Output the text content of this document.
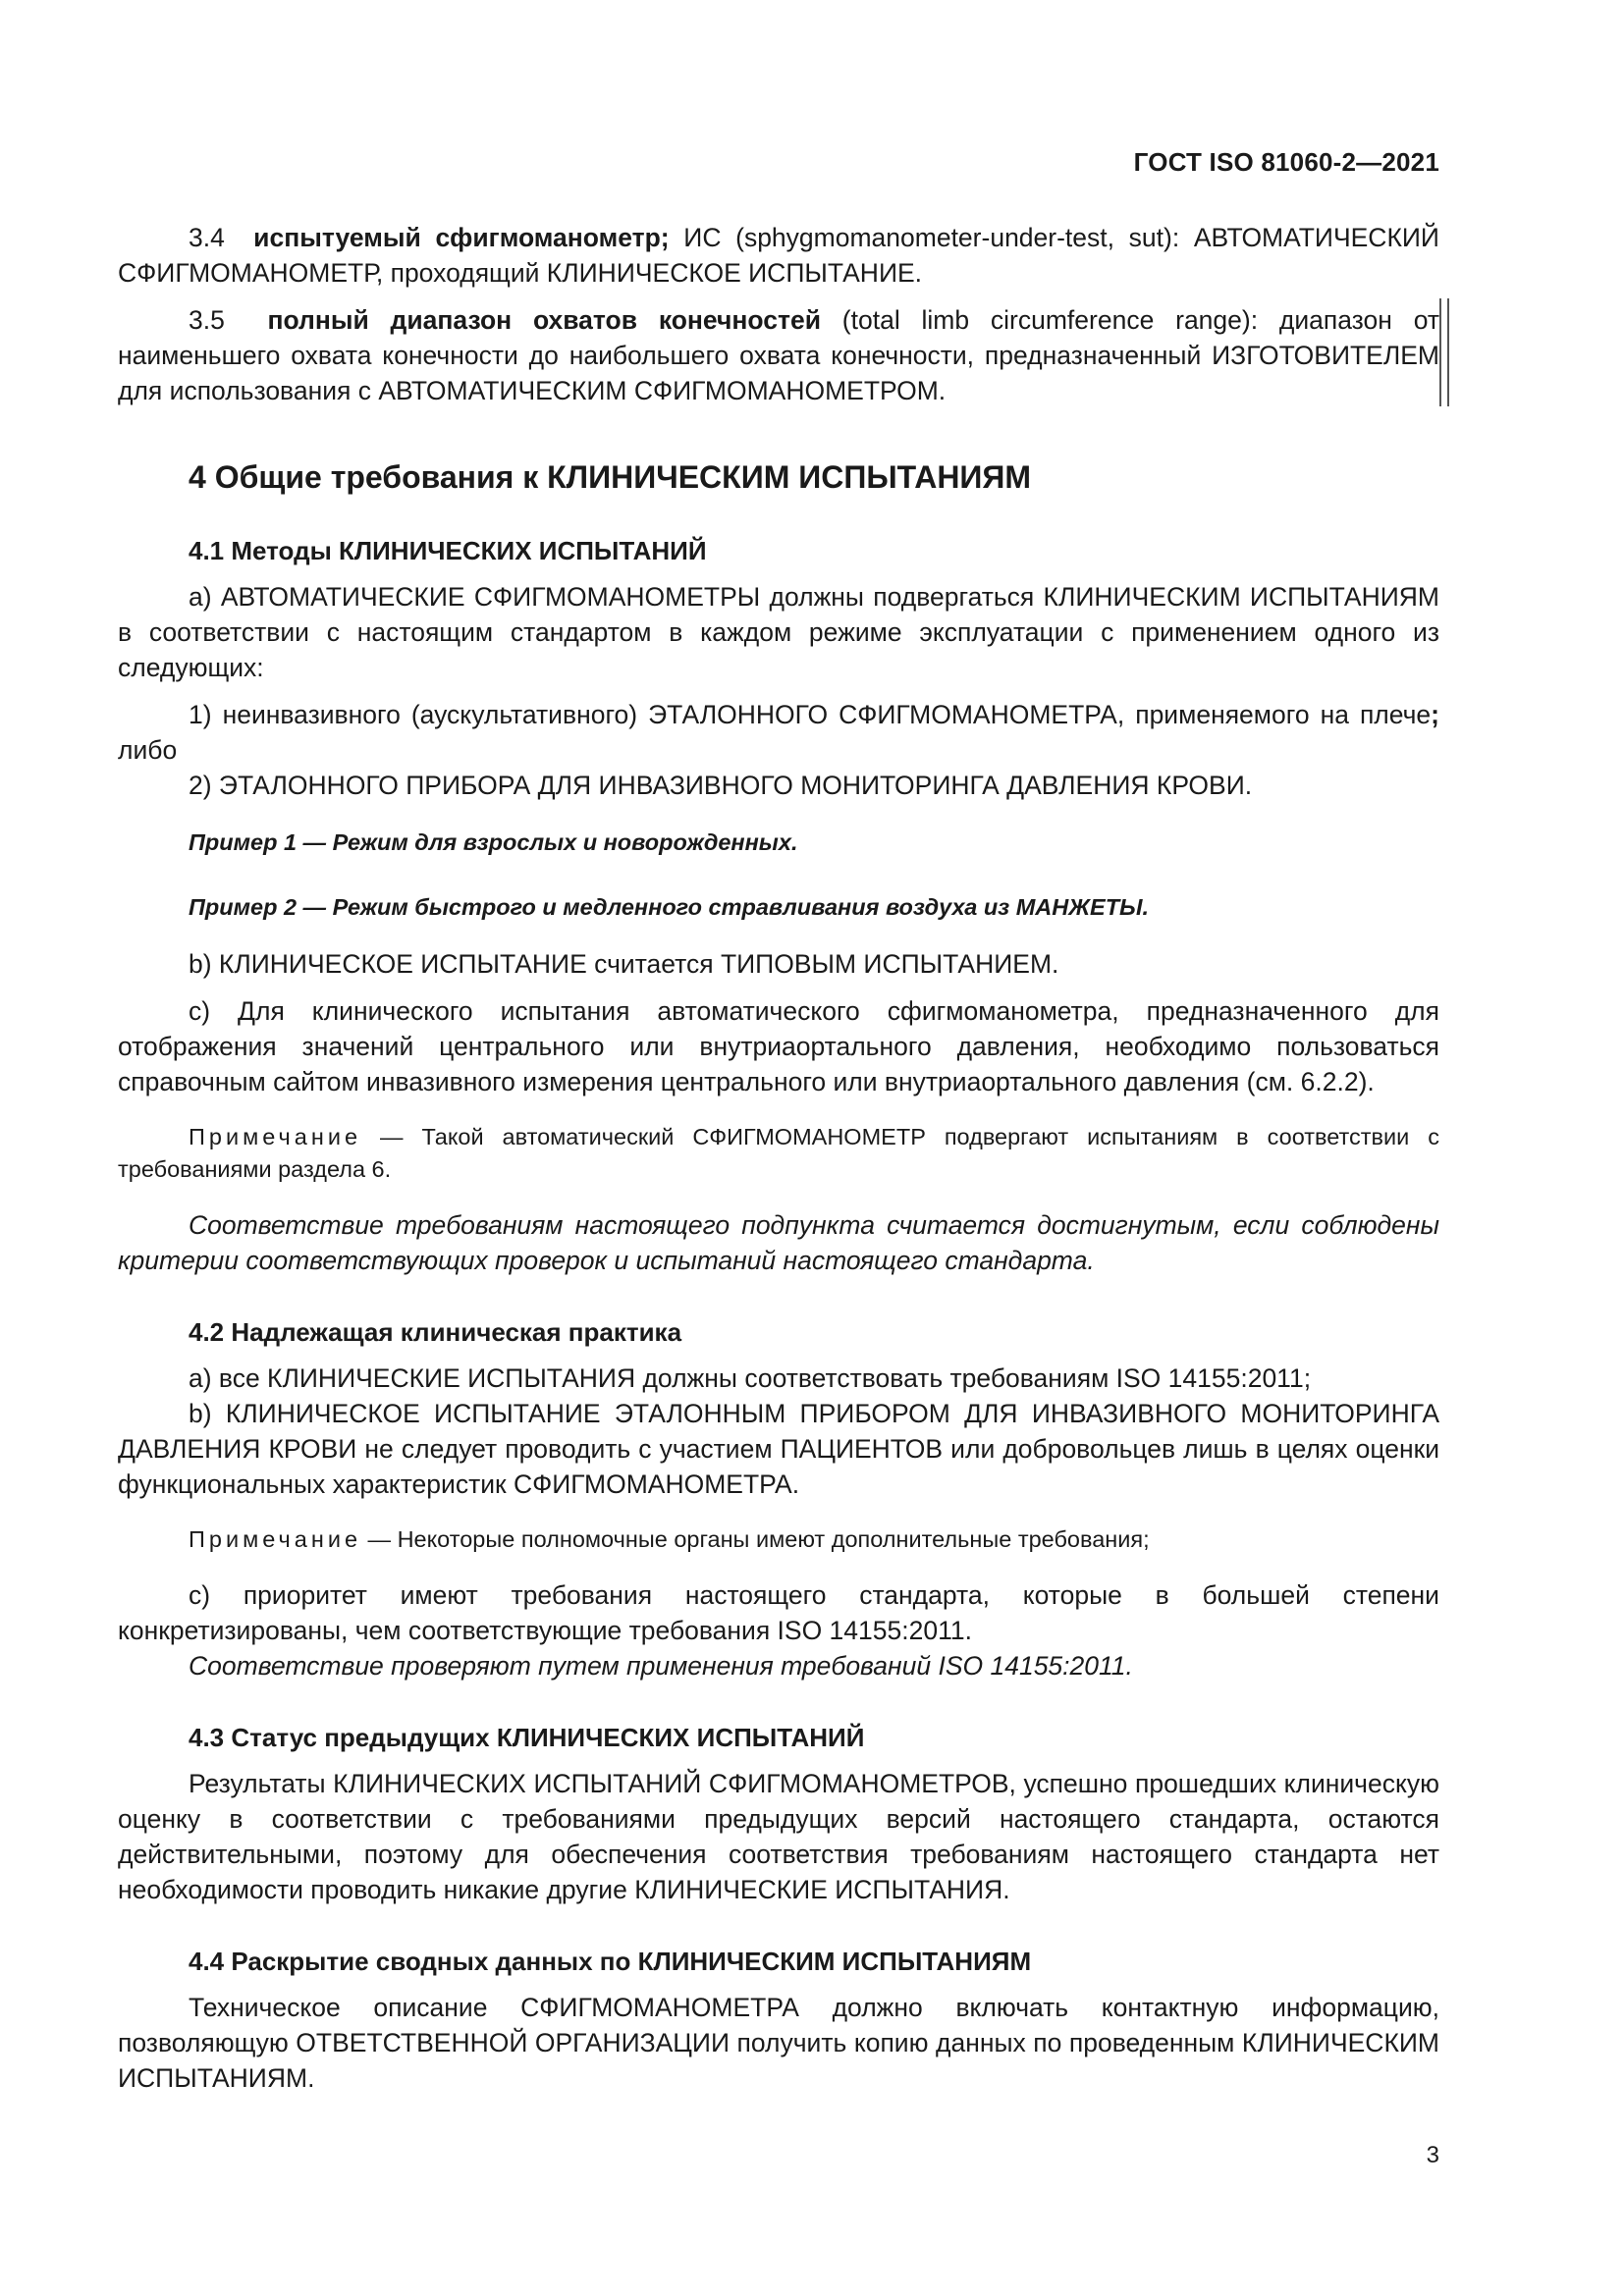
ГОСТ ISO 81060-2—2021

3.4 испытуемый сфигмоманометр; ИС (sphygmomanometer-under-test, sut): АВТОМАТИЧЕСКИЙ СФИГМОМАНОМЕТР, проходящий КЛИНИЧЕСКОЕ ИСПЫТАНИЕ.

3.5 полный диапазон охватов конечностей (total limb circumference range): диапазон от наименьшего охвата конечности до наибольшего охвата конечности, предназначенный ИЗГОТОВИТЕЛЕМ для использования с АВТОМАТИЧЕСКИМ СФИГМОМАНОМЕТРОМ.

4 Общие требования к КЛИНИЧЕСКИМ ИСПЫТАНИЯМ
4.1 Методы КЛИНИЧЕСКИХ ИСПЫТАНИЙ

а) АВТОМАТИЧЕСКИЕ СФИГМОМАНОМЕТРЫ должны подвергаться КЛИНИЧЕСКИМ ИСПЫТАНИЯМ в соответствии с настоящим стандартом в каждом режиме эксплуатации с применением одного из следующих:

1) неинвазивного (аускультативного) ЭТАЛОННОГО СФИГМОМАНОМЕТРА, применяемого на плече; либо

2) ЭТАЛОННОГО ПРИБОРА ДЛЯ ИНВАЗИВНОГО МОНИТОРИНГА ДАВЛЕНИЯ КРОВИ.

Пример 1 — Режим для взрослых и новорожденных.

Пример 2 — Режим быстрого и медленного стравливания воздуха из МАНЖЕТЫ.

b) КЛИНИЧЕСКОЕ ИСПЫТАНИЕ считается ТИПОВЫМ ИСПЫТАНИЕМ.

c) Для клинического испытания автоматического сфигмоманометра, предназначенного для отображения значений центрального или внутриаортального давления, необходимо пользоваться справочным сайтом инвазивного измерения центрального или внутриаортального давления (см. 6.2.2).

Примечание — Такой автоматический СФИГМОМАНОМЕТР подвергают испытаниям в соответствии с требованиями раздела 6.

Соответствие требованиям настоящего подпункта считается достигнутым, если соблюдены критерии соответствующих проверок и испытаний настоящего стандарта.

4.2 Надлежащая клиническая практика

а) все КЛИНИЧЕСКИЕ ИСПЫТАНИЯ должны соответствовать требованиям ISO 14155:2011;

b) КЛИНИЧЕСКОЕ ИСПЫТАНИЕ ЭТАЛОННЫМ ПРИБОРОМ ДЛЯ ИНВАЗИВНОГО МОНИТОРИНГА ДАВЛЕНИЯ КРОВИ не следует проводить с участием ПАЦИЕНТОВ или добровольцев лишь в целях оценки функциональных характеристик СФИГМОМАНОМЕТРА.

Примечание — Некоторые полномочные органы имеют дополнительные требования;

c) приоритет имеют требования настоящего стандарта, которые в большей степени конкретизированы, чем соответствующие требования ISO 14155:2011.

Соответствие проверяют путем применения требований ISO 14155:2011.

4.3 Статус предыдущих КЛИНИЧЕСКИХ ИСПЫТАНИЙ

Результаты КЛИНИЧЕСКИХ ИСПЫТАНИЙ СФИГМОМАНОМЕТРОВ, успешно прошедших клиническую оценку в соответствии с требованиями предыдущих версий настоящего стандарта, остаются действительными, поэтому для обеспечения соответствия требованиям настоящего стандарта нет необходимости проводить никакие другие КЛИНИЧЕСКИЕ ИСПЫТАНИЯ.

4.4 Раскрытие сводных данных по КЛИНИЧЕСКИМ ИСПЫТАНИЯМ

Техническое описание СФИГМОМАНОМЕТРА должно включать контактную информацию, позволяющую ОТВЕТСТВЕННОЙ ОРГАНИЗАЦИИ получить копию данных по проведенным КЛИНИЧЕСКИМ ИСПЫТАНИЯМ.

3
